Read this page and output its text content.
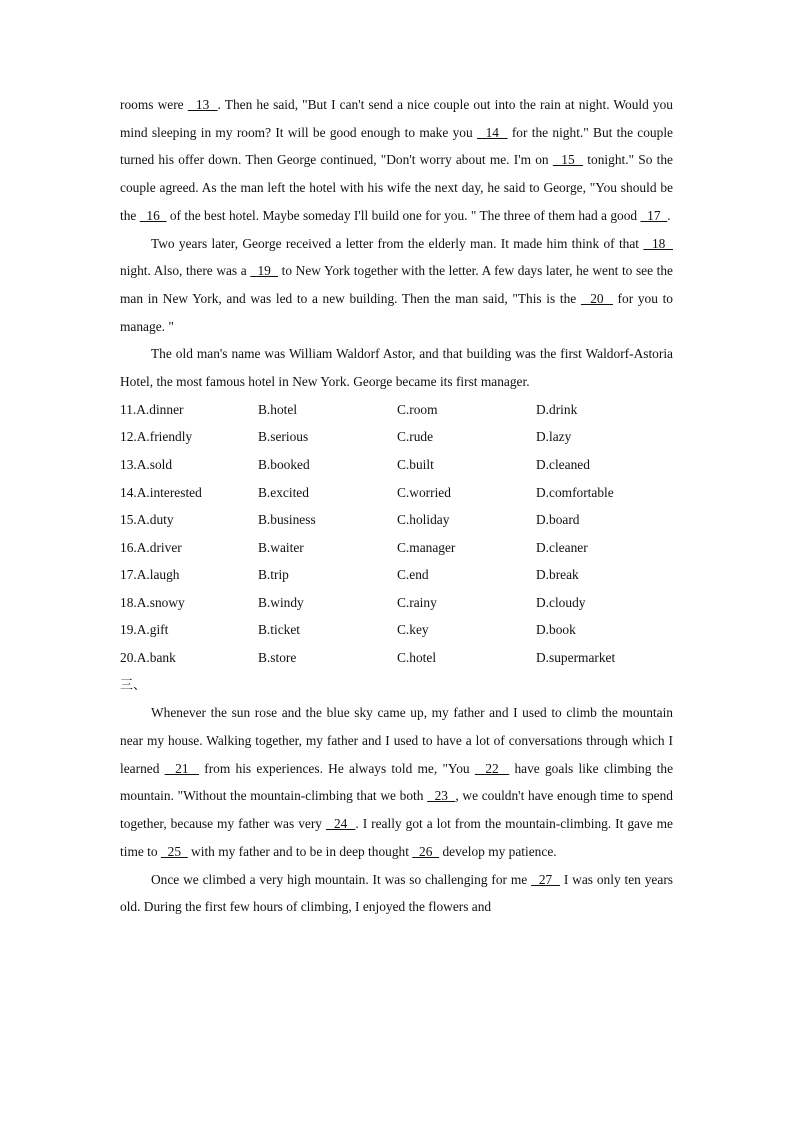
rooms were   13  . Then he said, "But I can't send a nice couple out into the rain at night. Would you mind sleeping in my room? It will be good enough to make you   14   for the night." But the couple turned his offer down. Then George continued, "Don't worry about me. I'm on   15   tonight." So the couple agreed. As the man left the hotel with his wife the next day, he said to George, "You should be the   16   of the best hotel. Maybe someday I'll build one for you. " The three of them had a good   17  .

Two years later, George received a letter from the elderly man. It made him think of that   18   night. Also, there was a   19   to New York together with the letter. A few days later, he went to see the man in New York, and was led to a new building. Then the man said, "This is the   20   for you to manage. "

The old man's name was William Waldorf Astor, and that building was the first Waldorf-Astoria Hotel, the most famous hotel in New York. George became its first manager.

11.A.dinner	B.hotel	C.room	D.drink
12.A.friendly	B.serious	C.rude	D.lazy
13.A.sold	B.booked	C.built	D.cleaned
14.A.interested	B.excited	C.worried	D.comfortable
15.A.duty	B.business	C.holiday	D.board
16.A.driver	B.waiter	C.manager	D.cleaner
17.A.laugh	B.trip	C.end	D.break
18.A.snowy	B.windy	C.rainy	D.cloudy
19.A.gift	B.ticket	C.key	D.book
20.A.bank	B.store	C.hotel	D.supermarket

三、

Whenever the sun rose and the blue sky came up, my father and I used to climb the mountain near my house. Walking together, my father and I used to have a lot of conversations through which I learned   21   from his experiences. He always told me, "You   22   have goals like climbing the mountain. "Without the mountain-climbing that we both   23  , we couldn't have enough time to spend together, because my father was very   24  . I really got a lot from the mountain-climbing. It gave me time to   25   with my father and to be in deep thought   26   develop my patience.

Once we climbed a very high mountain. It was so challenging for me   27   I was only ten years old. During the first few hours of climbing, I enjoyed the flowers and
